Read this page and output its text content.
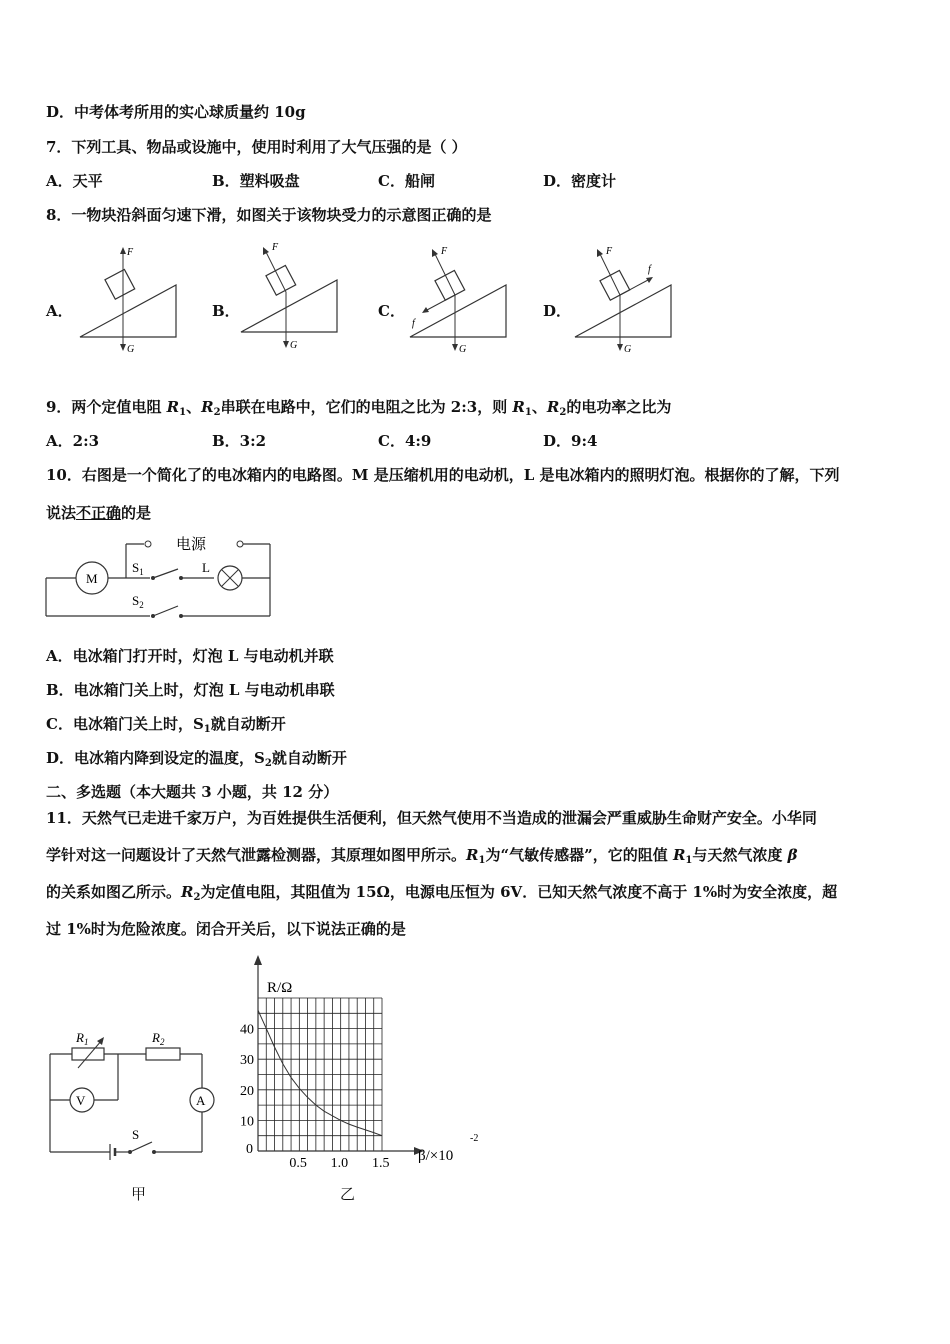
D．中考体考所用的实心球质量约 10g
7．下列工具、物品或设施中，使用时利用了大气压强的是（ ）
A．天平	B．塑料吸盘	C．船闸	D．密度计
8．一物块沿斜面匀速下滑，如图关于该物块受力的示意图正确的是
A．	B．	C．	D．
F
G
F
G
F
G
f
F
G
f
9．两个定值电阻 $R_1$、$R_2$串联在电路中，它们的电阻之比为 2:3，则 $R_1$、$R_2$的电功率之比为
A．2:3	B．3:2	C．4:9	D．9:4
10．右图是一个简化了的电冰箱内的电路图。M 是压缩机用的电动机，L 是电冰箱内的照明灯泡。根据你的了解，下列
说法不正确的是
电源
M
$S_1$	L
$S_2$
A．电冰箱门打开时，灯泡 L 与电动机并联
B．电冰箱门关上时，灯泡 L 与电动机串联
C．电冰箱门关上时，$S_1$就自动断开
D．电冰箱内降到设定的温度，$S_2$就自动断开
二、多选题（本大题共 3 小题，共 12 分）
11．天然气已走进千家万户，为百姓提供生活便利，但天然气使用不当造成的泄漏会严重威胁生命财产安全。小华同
学针对这一问题设计了天然气泄露检测器，其原理如图甲所示。$R_1$为“气敏传感器”，它的阻值 $R_1$与天然气浓度 β
的关系如图乙所示。$R_2$为定值电阻，其阻值为 15Ω，电源电压恒为 6V．已知天然气浓度不高于 1%时为安全浓度，超
过 1%时为危险浓度。闭合开关后，以下说法正确的是
$R_1$	$R_2$
A
V
S
甲
10
20
30
40
0.5 1.0 1.5
0
R/Ω
β/×10
-2
乙
